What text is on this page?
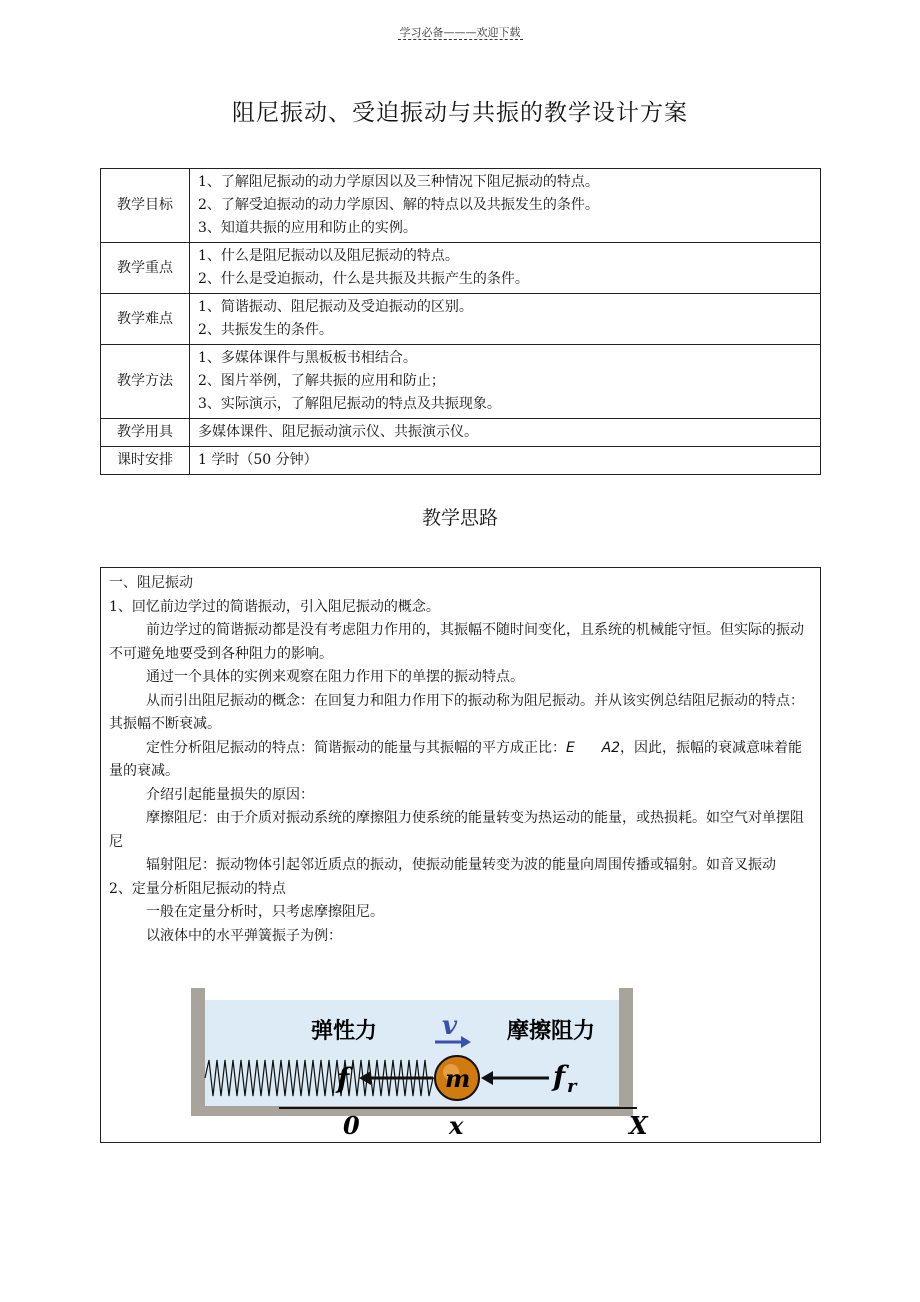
学习必备———欢迎下载
阻尼振动、受迫振动与共振的教学设计方案
教学目标	1、了解阻尼振动的动力学原因以及三种情况下阻尼振动的特点。
2、了解受迫振动的动力学原因、解的特点以及共振发生的条件。
3、知道共振的应用和防止的实例。

教学重点	1、什么是阻尼振动以及阻尼振动的特点。
2、什么是受迫振动，什么是共振及共振产生的条件。

教学难点	1、简谐振动、阻尼振动及受迫振动的区别。
2、共振发生的条件。

教学方法	1、多媒体课件与黑板板书相结合。
2、图片举例，了解共振的应用和防止；
3、实际演示，了解阻尼振动的特点及共振现象。

教学用具	多媒体课件、阻尼振动演示仪、共振演示仪。

课时安排	1 学时（50 分钟）
教学思路

一、阻尼振动

1、回忆前边学过的简谐振动，引入阻尼振动的概念。

前边学过的简谐振动都是没有考虑阻力作用的，其振幅不随时间变化，且系统的机械能守恒。但实际的振动不可避免地要受到各种阻力的影响。

通过一个具体的实例来观察在阻力作用下的单摆的振动特点。

从而引出阻尼振动的概念：在回复力和阻力作用下的振动称为阻尼振动。并从该实例总结阻尼振动的特点：其振幅不断衰减。

定性分析阻尼振动的特点：简谐振动的能量与其振幅的平方成正比：E A2，因此，振幅的衰减意味着能量的衰减。

介绍引起能量损失的原因：

摩擦阻尼：由于介质对振动系统的摩擦阻力使系统的能量转变为热运动的能量，或热损耗。如空气对单摆阻尼

辐射阻尼：振动物体引起邻近质点的振动，使振动能量转变为波的能量向周围传播或辐射。如音叉振动

2、定量分析阻尼振动的特点

一般在定量分析时，只考虑摩擦阻尼。

以液体中的水平弹簧振子为例：

弹性力	摩擦阻力
v
f	m	f r
0	x	X
